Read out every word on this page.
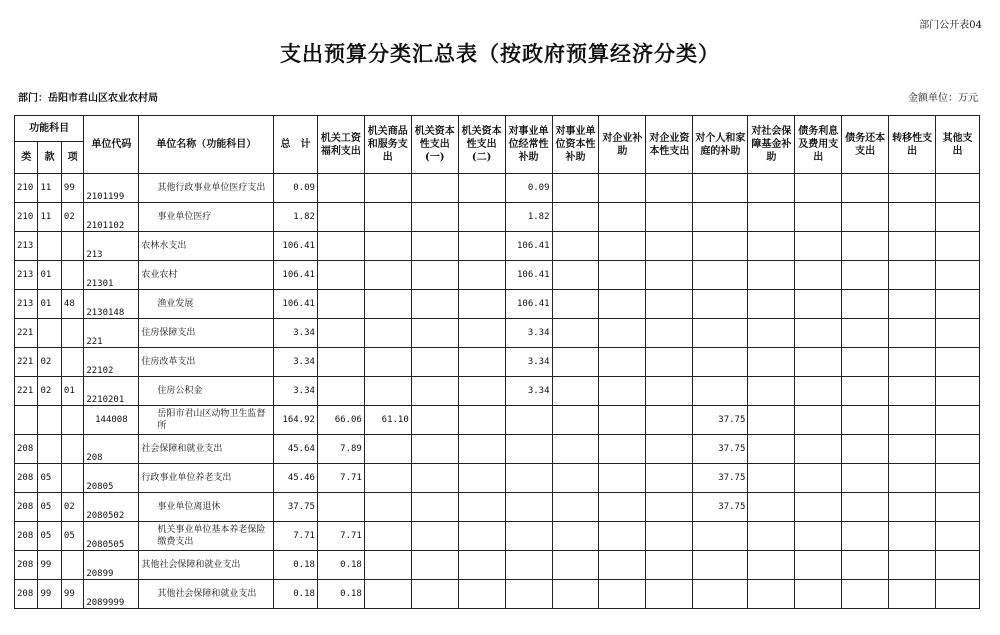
部门公开表04
支出预算分类汇总表（按政府预算经济分类）
部门：岳阳市君山区农业农村局	金额单位：万元
功能科目			单位代码	单位名称（功能科目）	总　计	机关工资福利支出	机关商品和服务支出	机关资本性支出(一)	机关资本性支出(二)	对事业单位经常性补助	对事业单位资本性补助	对企业补助	对企业资本性支出	对个人和家庭的补助	对社会保障基金补助	债务利息及费用支出	债务还本支出	转移性支出	其他支出
类	款	项																	
210	11	99	2101199	其他行政事业单位医疗支出	0.09					0.09									
210	11	02	2101102	事业单位医疗	1.82					1.82									
213			213	农林水支出	106.41					106.41									
213	01		21301	农业农村	106.41					106.41									
213	01	48	2130148	渔业发展	106.41					106.41									
221			221	住房保障支出	3.34					3.34									
221	02		22102	住房改革支出	3.34					3.34									
221	02	01	2210201	住房公积金	3.34					3.34									
			144008	岳阳市君山区动物卫生监督所	164.92	66.06	61.10							37.75					
208			208	社会保障和就业支出	45.64	7.89								37.75					
208	05		20805	行政事业单位养老支出	45.46	7.71								37.75					
208	05	02	2080502	事业单位离退休	37.75									37.75					
208	05	05	2080505	机关事业单位基本养老保险缴费支出	7.71	7.71													
208	99		20899	其他社会保障和就业支出	0.18	0.18													
208	99	99	2089999	其他社会保障和就业支出	0.18	0.18													
